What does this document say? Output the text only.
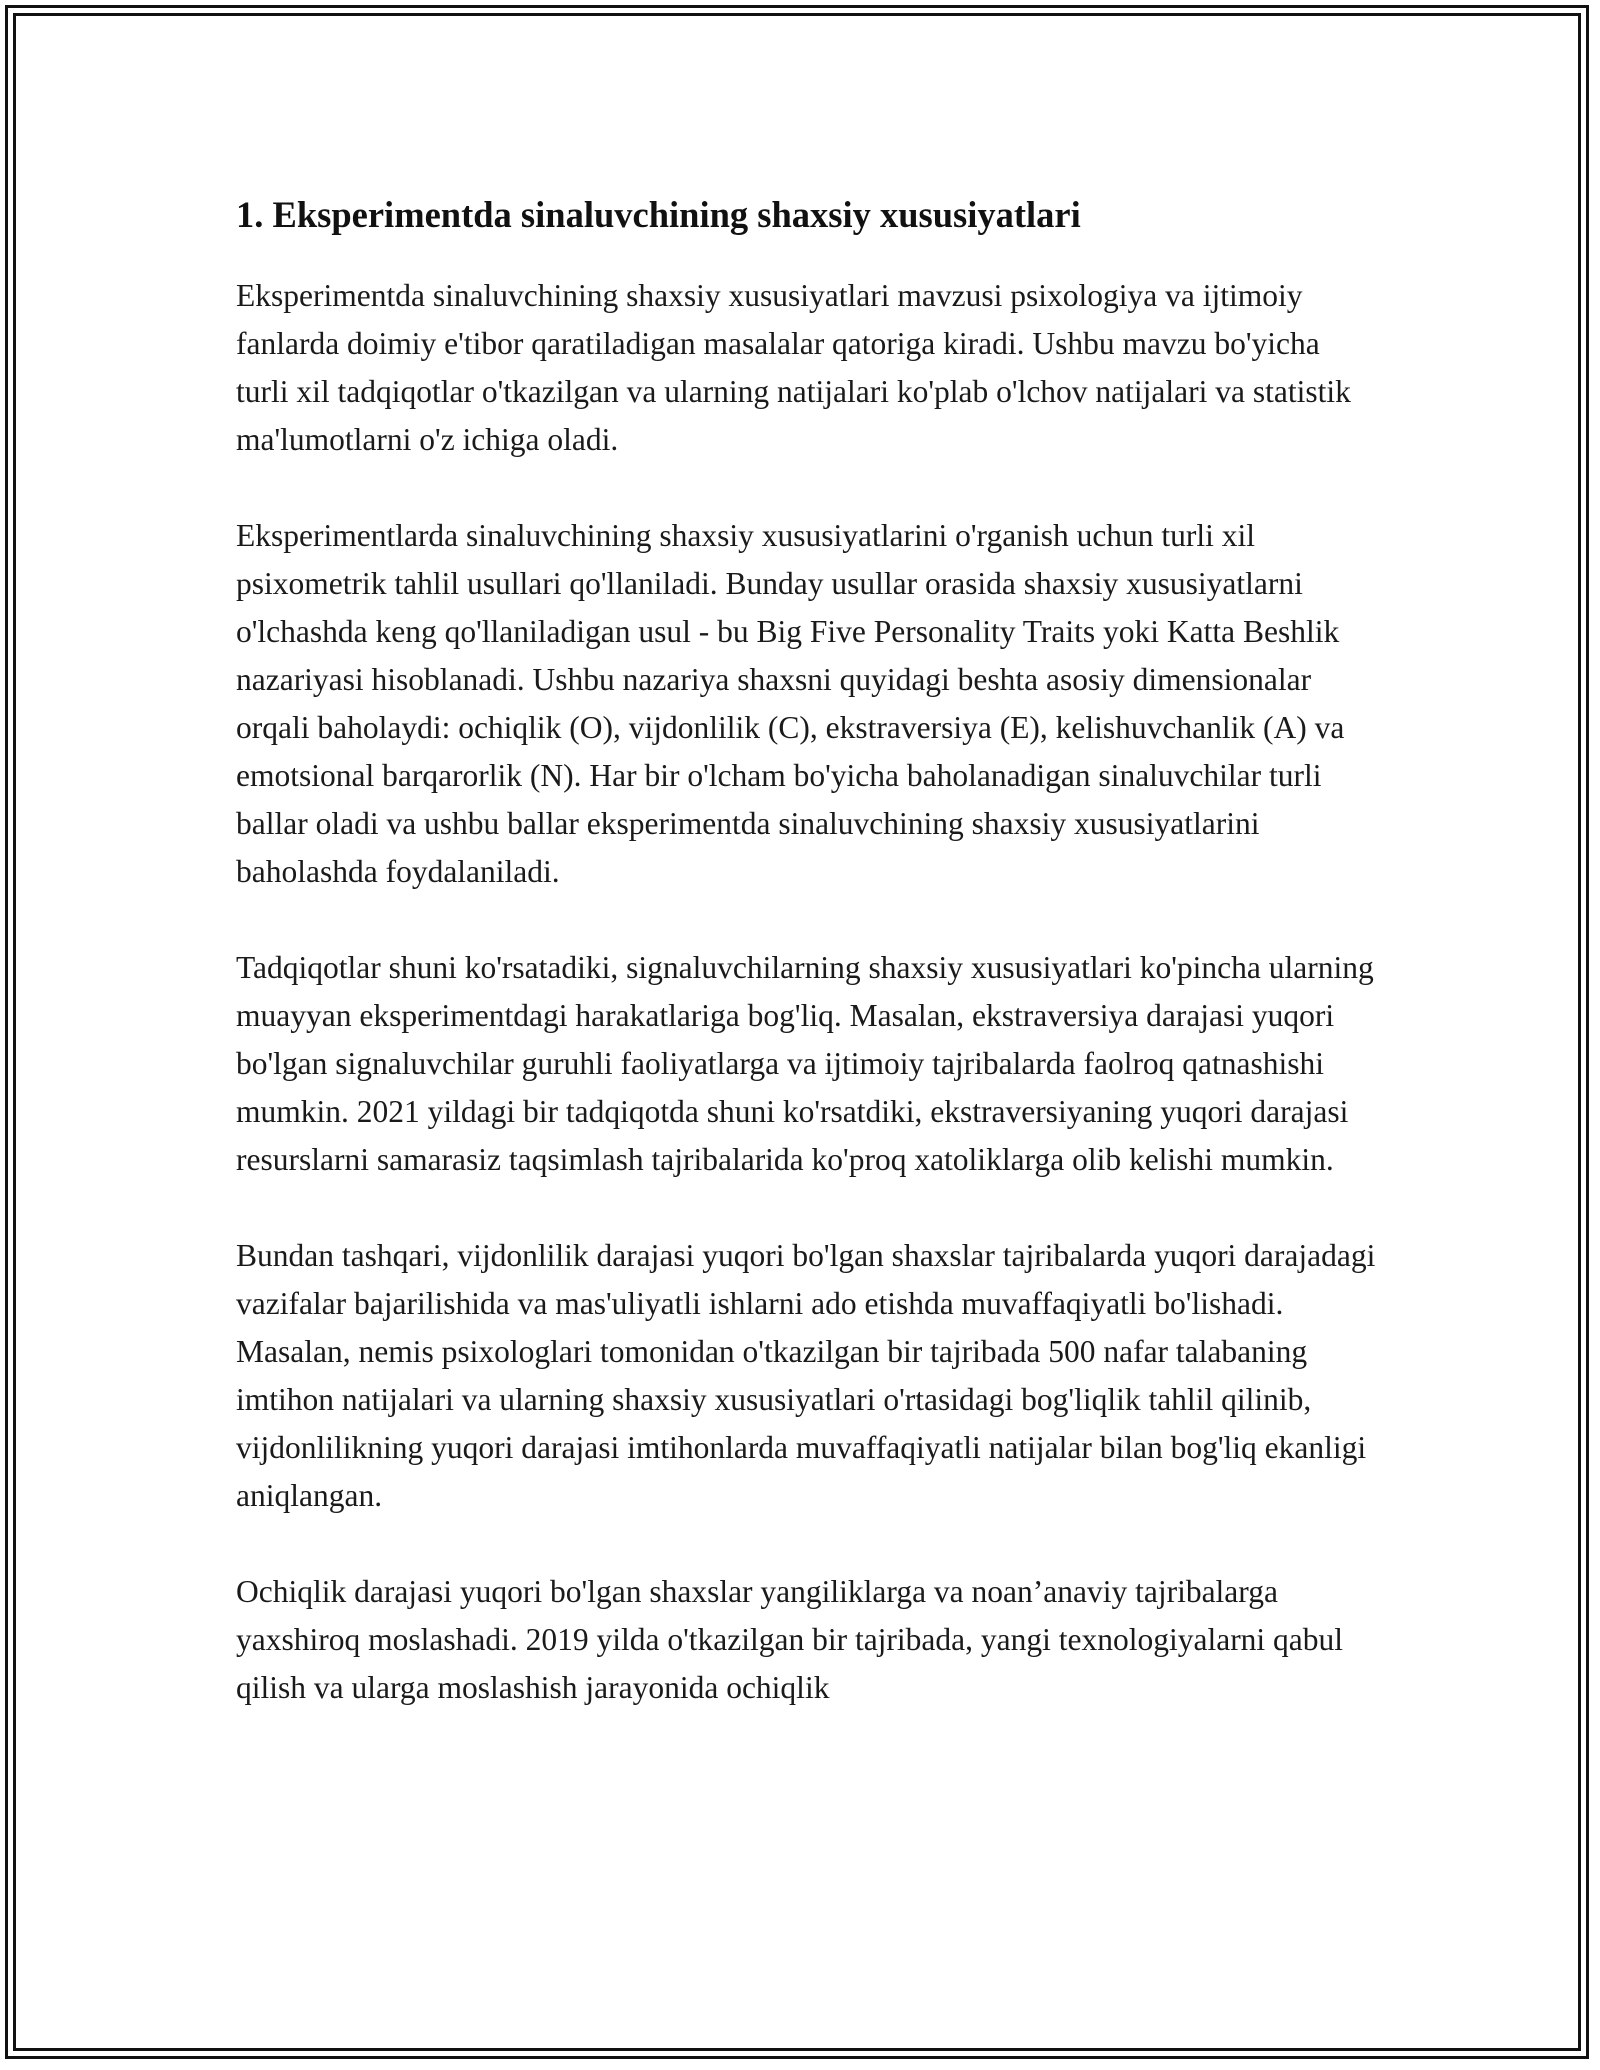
1. Eksperimentda sinaluvchining shaxsiy xususiyatlari

Eksperimentda sinaluvchining shaxsiy xususiyatlari mavzusi psixologiya va ijtimoiy fanlarda doimiy e'tibor qaratiladigan masalalar qatoriga kiradi. Ushbu mavzu bo'yicha turli xil tadqiqotlar o'tkazilgan va ularning natijalari ko'plab o'lchov natijalari va statistik ma'lumotlarni o'z ichiga oladi.

Eksperimentlarda sinaluvchining shaxsiy xususiyatlarini o'rganish uchun turli xil psixometrik tahlil usullari qo'llaniladi. Bunday usullar orasida shaxsiy xususiyatlarni o'lchashda keng qo'llaniladigan usul - bu Big Five Personality Traits yoki Katta Beshlik nazariyasi hisoblanadi. Ushbu nazariya shaxsni quyidagi beshta asosiy dimensionalar orqali baholaydi: ochiqlik (O), vijdonlilik (C), ekstraversiya (E), kelishuvchanlik (A) va emotsional barqarorlik (N). Har bir o'lcham bo'yicha baholanadigan sinaluvchilar turli ballar oladi va ushbu ballar eksperimentda sinaluvchining shaxsiy xususiyatlarini baholashda foydalaniladi.

Tadqiqotlar shuni ko'rsatadiki, signaluvchilarning shaxsiy xususiyatlari ko'pincha ularning muayyan eksperimentdagi harakatlariga bog'liq. Masalan, ekstraversiya darajasi yuqori bo'lgan signaluvchilar guruhli faoliyatlarga va ijtimoiy tajribalarda faolroq qatnashishi mumkin. 2021 yildagi bir tadqiqotda shuni ko'rsatdiki, ekstraversiyaning yuqori darajasi resurslarni samarasiz taqsimlash tajribalarida ko'proq xatoliklarga olib kelishi mumkin.

Bundan tashqari, vijdonlilik darajasi yuqori bo'lgan shaxslar tajribalarda yuqori darajadagi vazifalar bajarilishida va mas'uliyatli ishlarni ado etishda muvaffaqiyatli bo'lishadi. Masalan, nemis psixologlari tomonidan o'tkazilgan bir tajribada 500 nafar talabaning imtihon natijalari va ularning shaxsiy xususiyatlari o'rtasidagi bog'liqlik tahlil qilinib, vijdonlilikning yuqori darajasi imtihonlarda muvaffaqiyatli natijalar bilan bog'liq ekanligi aniqlangan.

Ochiqlik darajasi yuqori bo'lgan shaxslar yangiliklarga va noan’anaviy tajribalarga yaxshiroq moslashadi. 2019 yilda o'tkazilgan bir tajribada, yangi texnologiyalarni qabul qilish va ularga moslashish jarayonida ochiqlik
